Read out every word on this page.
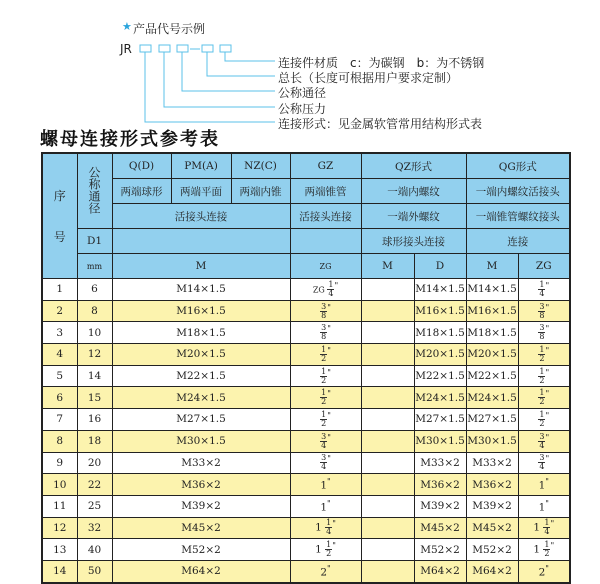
★ 产品代号示例
JR
连接件材质　c：为碳钢　b：为不锈钢
总长（长度可根据用户要求定制）
公称通径
公称压力
连接形式：见金属软管常用结构形式表
螺母连接形式参考表
序
号	公称通径	Q(D)	PM(A)	NZ(C)	GZ	QZ形式		QG形式	
		两端球形	两端平面	两端内锥	两端锥管	一端内螺纹		一端内螺纹活接头	
		活接头连接			活接头连接	一端外螺纹		一端锥管螺纹接头	
	D1					球形接头连接		连接	
	mm	M			ZG	M	D	M	ZG
1	6	M14×1.5			ZG $\frac{1}{4} ^"$		M14×1.5	M14×1.5	$\frac{1}{4} ^"$
2	8	M16×1.5			$\frac{3}{8} ^"$		M16×1.5	M16×1.5	$\frac{3}{8} ^"$
3	10	M18×1.5			$\frac{3}{8} ^"$		M18×1.5	M18×1.5	$\frac{3}{8} ^"$
4	12	M20×1.5			$\frac{1}{2} ^"$		M20×1.5	M20×1.5	$\frac{1}{2} ^"$
5	14	M22×1.5			$\frac{1}{2} ^"$		M22×1.5	M22×1.5	$\frac{1}{2} ^"$
6	15	M24×1.5			$\frac{1}{2} ^"$		M24×1.5	M24×1.5	$\frac{1}{2} ^"$
7	16	M27×1.5			$\frac{1}{2} ^"$		M27×1.5	M27×1.5	$\frac{1}{2} ^"$
8	18	M30×1.5			$\frac{3}{4} ^"$		M30×1.5	M30×1.5	$\frac{3}{4} ^"$
9	20	M33×2			$\frac{3}{4} ^"$		M33×2	M33×2	$\frac{3}{4} ^"$
10	22	M36×2			1"		M36×2	M36×2	1"
11	25	M39×2			1"		M39×2	M39×2	1"
12	32	M45×2			$1 \frac{1}{4} ^"$		M45×2	M45×2	$1 \frac{1}{4} ^"$
13	40	M52×2			$1 \frac{1}{2} ^"$		M52×2	M52×2	$1 \frac{1}{2} ^"$
14	50	M64×2			2"		M64×2	M64×2	2"
